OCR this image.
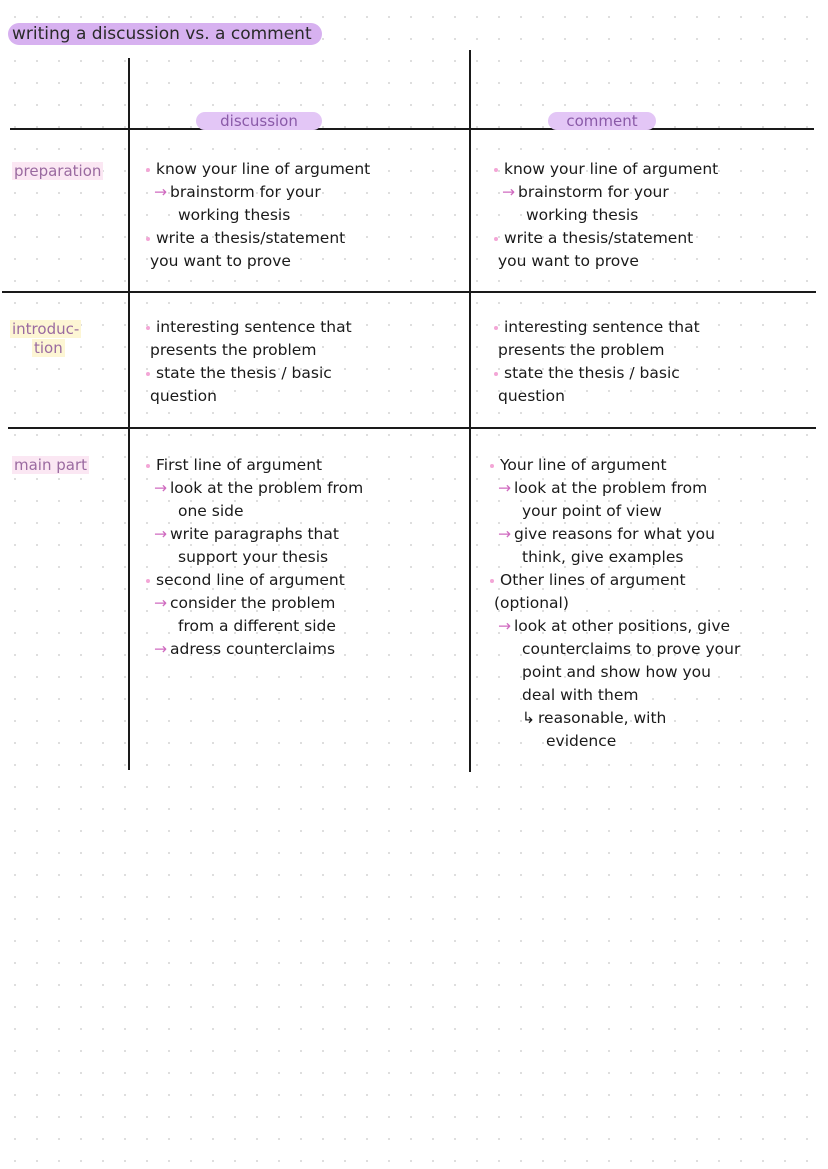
writing a discussion vs. a comment
discussion	comment
preparation
introduc-
tion
main part
know your line of argument
→ brainstorm for your
working thesis
write a thesis/statement
you want to prove
know your line of argument
→ brainstorm for your
working thesis
write a thesis/statement
you want to prove
interesting sentence that
presents the problem
state the thesis / basic
question
interesting sentence that
presents the problem
state the thesis / basic
question
First line of argument
→ look at the problem from
one side
→ write paragraphs that
support your thesis
second line of argument
→ consider the problem
from a different side
→ adress counterclaims
Your line of argument
→ look at the problem from
your point of view
→ give reasons for what you
think, give examples
Other lines of argument
(optional)
→ look at other positions, give
counterclaims to prove your
point and show how you
deal with them
↳ reasonable, with
evidence
